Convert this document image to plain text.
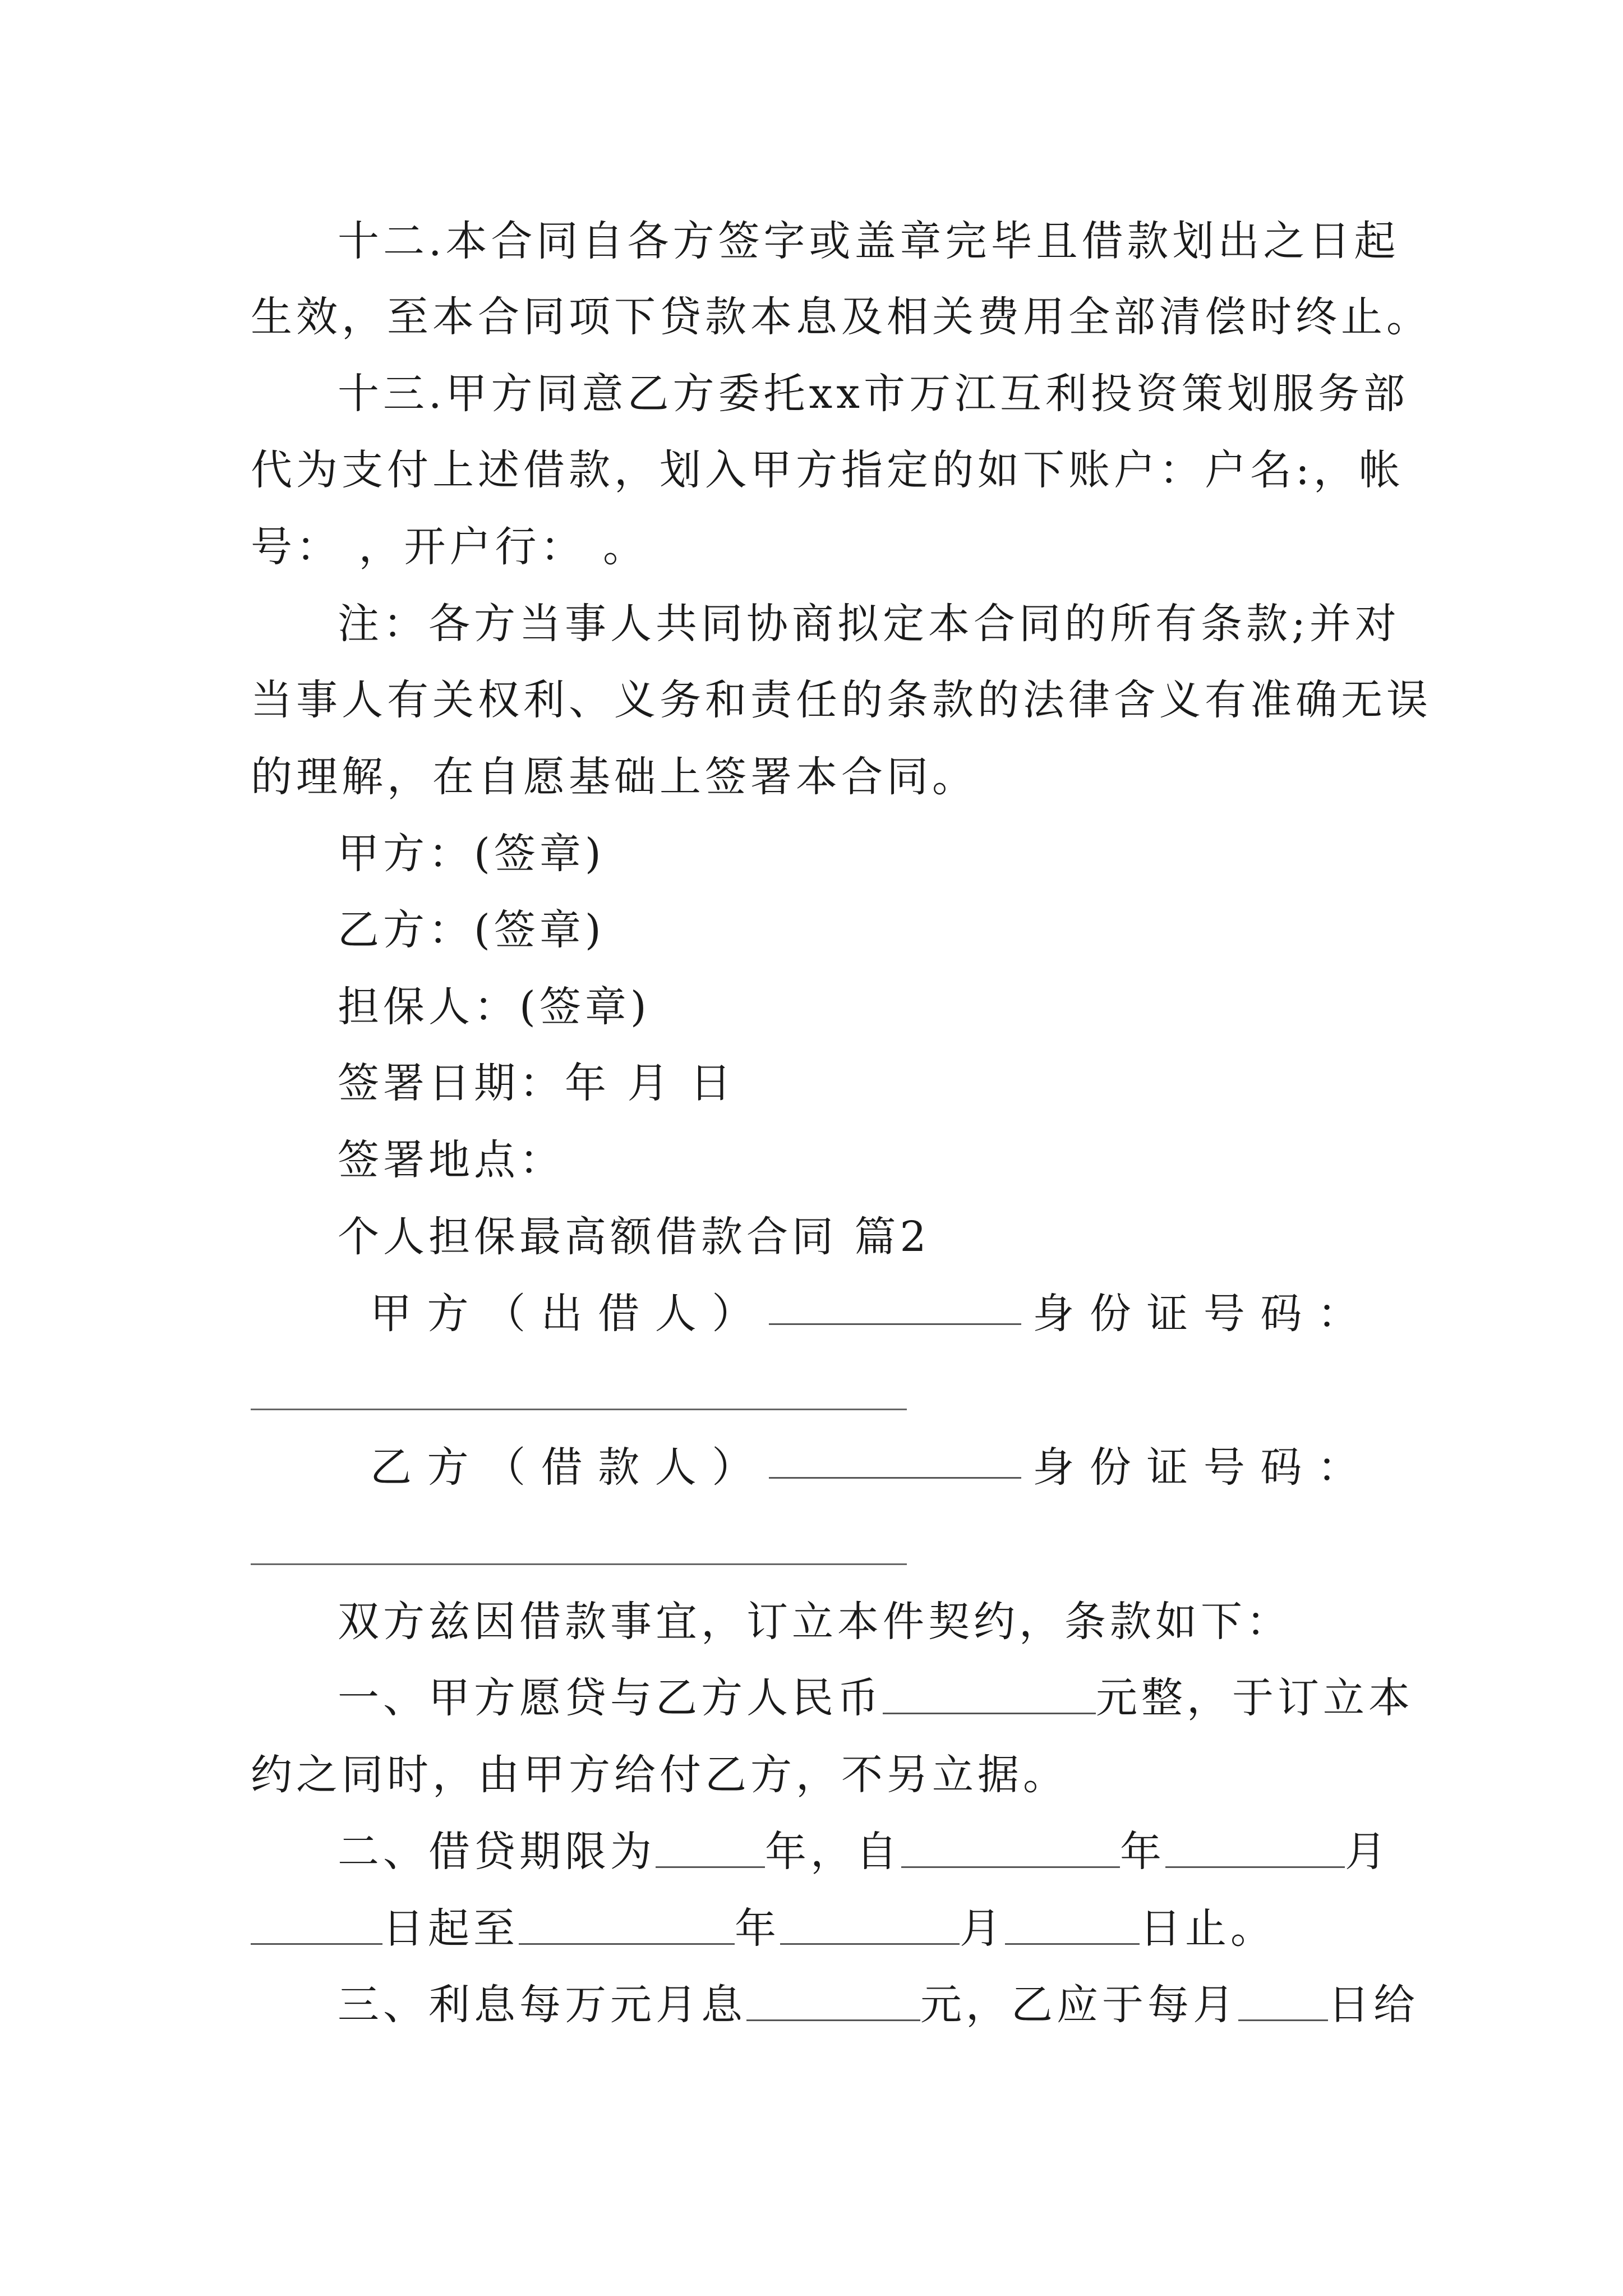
十二.本合同自各方签字或盖章完毕且借款划出之日起
生效，至本合同项下贷款本息及相关费用全部清偿时终止。
十三.甲方同意乙方委托xx市万江互利投资策划服务部
代为支付上述借款，划入甲方指定的如下账户：户名:，帐
号： ，开户行： 。
注：各方当事人共同协商拟定本合同的所有条款;并对
当事人有关权利、义务和责任的条款的法律含义有准确无误
的理解，在自愿基础上签署本合同。
甲方：(签章)
乙方：(签章)
担保人：(签章)
签署日期：年 月 日
签署地点：
个人担保最高额借款合同 篇2
甲 方 （ 出 借 人 ）	身 份 证 号 码 ：
乙 方 （ 借 款 人 ）	身 份 证 号 码 ：
双方兹因借款事宜，订立本件契约，条款如下：
一、甲方愿贷与乙方人民币	元整，于订立本
约之同时，由甲方给付乙方，不另立据。
二、借贷期限为	年，自	年	月
日起至	年	月	日止。
三、利息每万元月息	元，乙应于每月 日给
